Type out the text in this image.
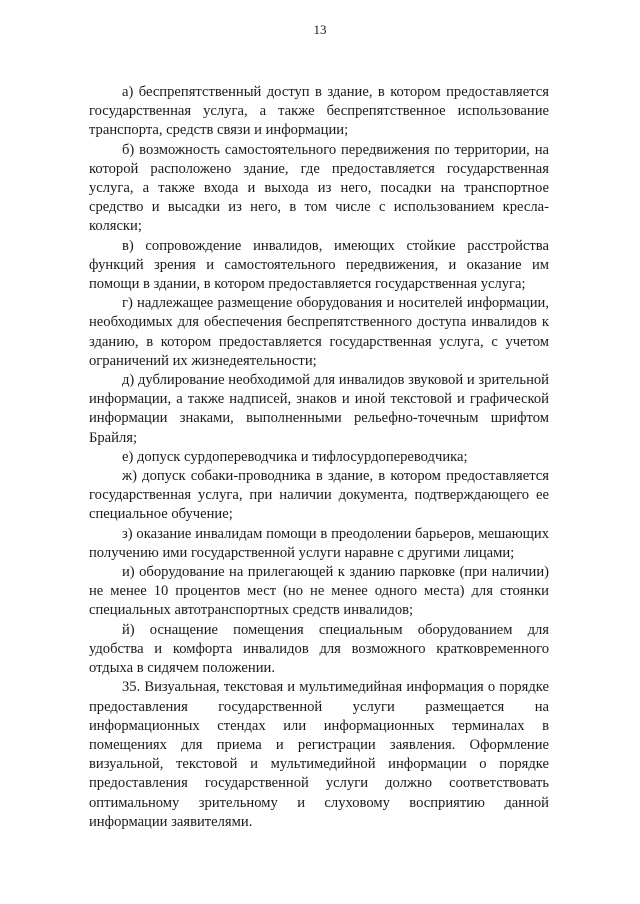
13

а) беспрепятственный доступ в здание, в котором предоставляется государственная услуга, а также беспрепятственное использование транспорта, средств связи и информации;

б) возможность самостоятельного передвижения по территории, на которой расположено здание, где предоставляется государственная услуга, а также входа и выхода из него, посадки на транспортное средство и высадки из него, в том числе с использованием кресла-коляски;

в) сопровождение инвалидов, имеющих стойкие расстройства функций зрения и самостоятельного передвижения, и оказание им помощи в здании, в котором предоставляется государственная услуга;

г) надлежащее размещение оборудования и носителей информации, необходимых для обеспечения беспрепятственного доступа инвалидов к зданию, в котором предоставляется государственная услуга, с учетом ограничений их жизнедеятельности;

д) дублирование необходимой для инвалидов звуковой и зрительной информации, а также надписей, знаков и иной текстовой и графической информации знаками, выполненными рельефно-точечным шрифтом Брайля;

е) допуск сурдопереводчика и тифлосурдопереводчика;

ж) допуск собаки-проводника в здание, в котором предоставляется государственная услуга, при наличии документа, подтверждающего ее специальное обучение;

з) оказание инвалидам помощи в преодолении барьеров, мешающих получению ими государственной услуги наравне с другими лицами;

и) оборудование на прилегающей к зданию парковке (при наличии) не менее 10 процентов мест (но не менее одного места) для стоянки специальных автотранспортных средств инвалидов;

й) оснащение помещения специальным оборудованием для удобства и комфорта инвалидов для возможного кратковременного отдыха в сидячем положении.

35. Визуальная, текстовая и мультимедийная информация о порядке предоставления государственной услуги размещается на информационных стендах или информационных терминалах в помещениях для приема и регистрации заявления. Оформление визуальной, текстовой и мультимедийной информации о порядке предоставления государственной услуги должно соответствовать оптимальному зрительному и слуховому восприятию данной информации заявителями.
